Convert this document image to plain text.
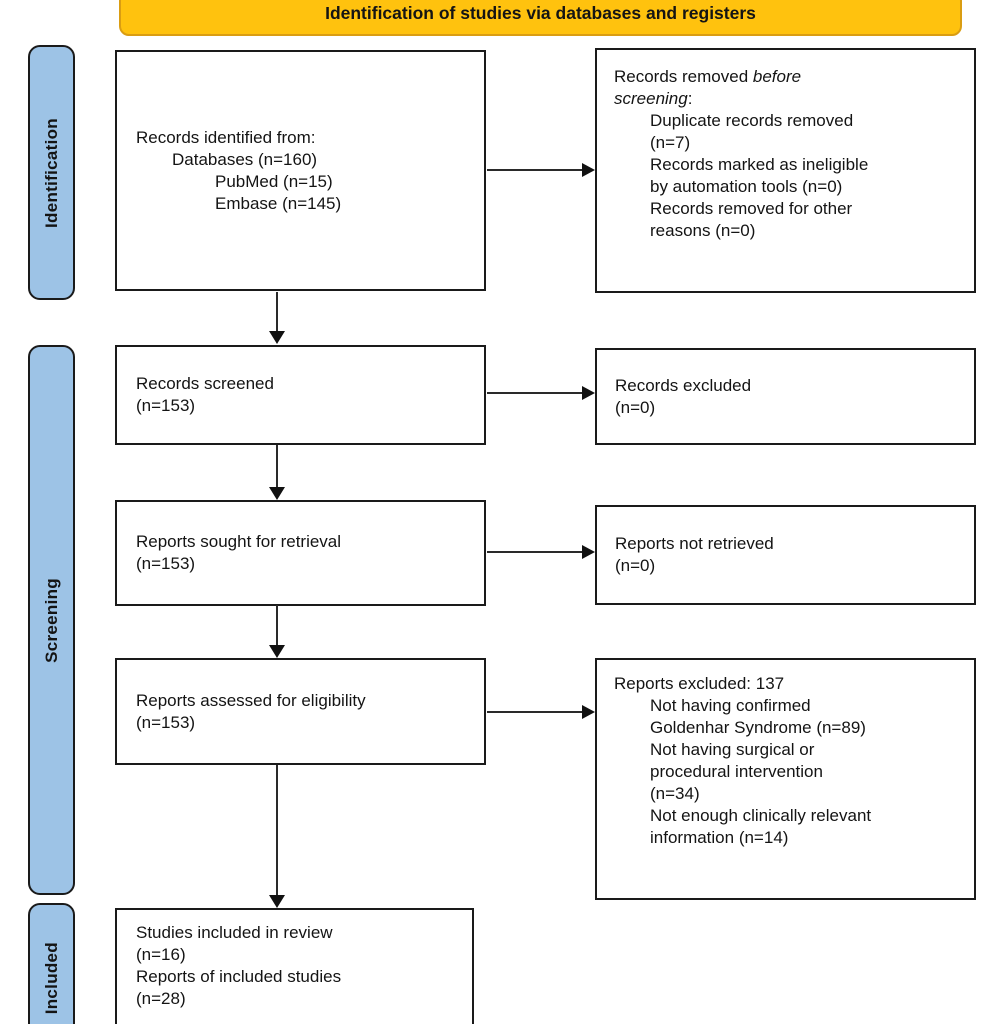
Identification of studies via databases and registers
Identification
Screening
Included
Records identified from:
Databases (n=160)
PubMed (n=15)
Embase (n=145)
Records removed before
screening:
Duplicate records removed
(n=7)
Records marked as ineligible
by automation tools (n=0)
Records removed for other
reasons (n=0)
Records screened
(n=153)
Records excluded
(n=0)
Reports sought for retrieval
(n=153)
Reports not retrieved
(n=0)
Reports assessed for eligibility
(n=153)
Reports excluded: 137
Not having confirmed
Goldenhar Syndrome (n=89)
Not having surgical or
procedural intervention
(n=34)
Not enough clinically relevant
information (n=14)
Studies included in review
(n=16)
Reports of included studies
(n=28)
